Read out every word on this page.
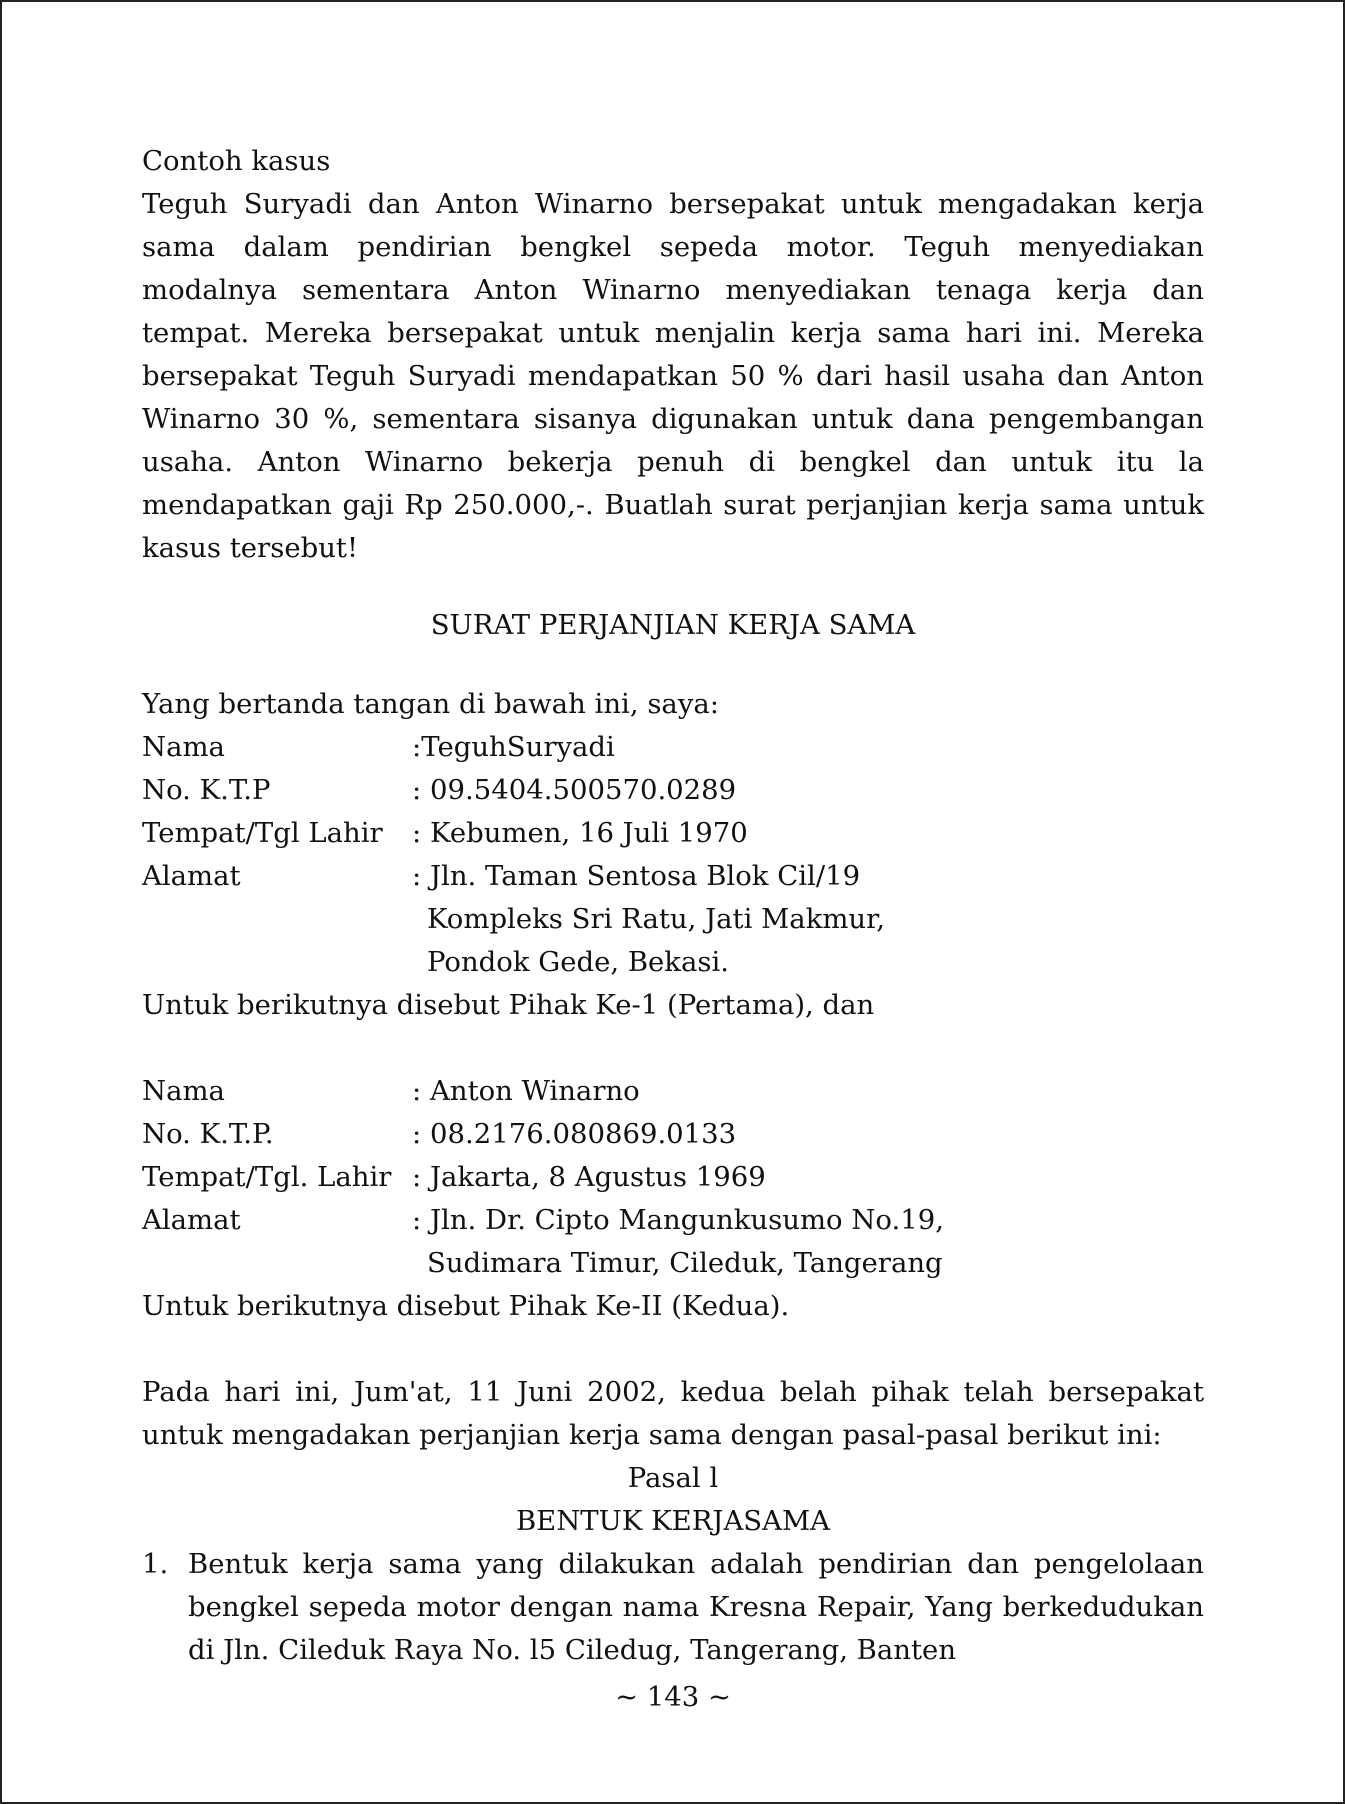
Contoh kasus

Teguh Suryadi dan Anton Winarno bersepakat untuk mengadakan kerja sama dalam pendirian bengkel sepeda motor. Teguh menyediakan modalnya sementara Anton Winarno menyediakan tenaga kerja dan tempat. Mereka bersepakat untuk menjalin kerja sama hari ini. Mereka bersepakat Teguh Suryadi mendapatkan 50 % dari hasil usaha dan Anton Winarno 30 %, sementara sisanya digunakan untuk dana pengembangan usaha. Anton Winarno bekerja penuh di bengkel dan untuk itu la mendapatkan gaji Rp 250.000,-. Buatlah surat perjanjian kerja sama untuk kasus tersebut!

SURAT PERJANJIAN KERJA SAMA

Yang bertanda tangan di bawah ini, saya:

Nama	:TeguhSuryadi
No. K.T.P	: 09.5404.500570.0289
Tempat/Tgl Lahir	: Kebumen, 16 Juli 1970
Alamat	: Jln. Taman Sentosa Blok Cil/19

Kompleks Sri Ratu, Jati Makmur,

Pondok Gede, Bekasi.

Untuk berikutnya disebut Pihak Ke-1 (Pertama), dan

Nama	: Anton Winarno
No. K.T.P.	: 08.2176.080869.0133
Tempat/Tgl. Lahir : Jakarta, 8 Agustus 1969
Alamat	: Jln. Dr. Cipto Mangunkusumo No.19,

Sudimara Timur, Cileduk, Tangerang

Untuk berikutnya disebut Pihak Ke-II (Kedua).

Pada hari ini, Jum'at, 11 Juni 2002, kedua belah pihak telah bersepakat untuk mengadakan perjanjian kerja sama dengan pasal-pasal berikut ini:

Pasal l

BENTUK KERJASAMA

1. Bentuk kerja sama yang dilakukan adalah pendirian dan pengelolaan bengkel sepeda motor dengan nama Kresna Repair, Yang berkedudukan di Jln. Cileduk Raya No. l5 Ciledug, Tangerang, Banten

~ 143 ~
